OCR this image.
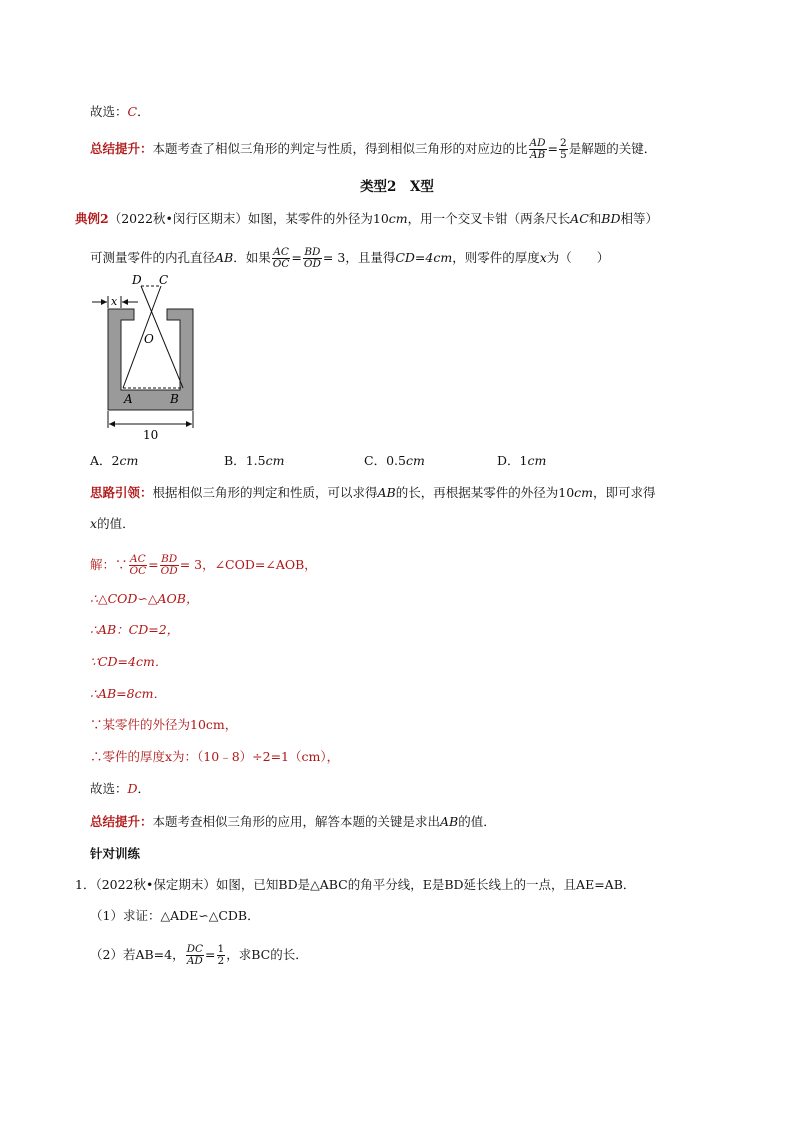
故选：C．
总结提升：本题考查了相似三角形的判定与性质，得到相似三角形的对应边的比 $\frac{AD}{AB} = \frac{2}{5}$ 是解题的关键．
类型2　X型
典例2（2022秋•闵行区期末）如图，某零件的外径为10cm，用一个交叉卡钳（两条尺长AC和BD相等）
可测量零件的内孔直径AB．如果 $\frac{AC}{OC} = \frac{BD}{OD} = 3$，且量得CD=4cm，则零件的厚度x为（　　）
D C
x
O
A	B
10
A．2cm	B．1.5cm	C．0.5cm	D．1cm
思路引领：根据相似三角形的判定和性质，可以求得AB的长，再根据某零件的外径为10cm，即可求得
x的值．
解：∵ $\frac{AC}{OC} = \frac{BD}{OD} = 3$，∠COD=∠AOB，
∴△COD∽△AOB，
∴AB：CD=2，
∵CD=4cm．
∴AB=8cm．
∵某零件的外径为10cm，
∴零件的厚度x为：（10﹣8）÷2=1（cm），
故选：D．
总结提升：本题考查相似三角形的应用，解答本题的关键是求出AB的值．
针对训练
1．（2022秋•保定期末）如图，已知BD是△ABC的角平分线，E是BD延长线上的一点，且AE=AB．
（1）求证：△ADE∽△CDB．
（2）若AB=4， $\frac{DC}{AD} = \frac{1}{2}$ ，求BC的长．
